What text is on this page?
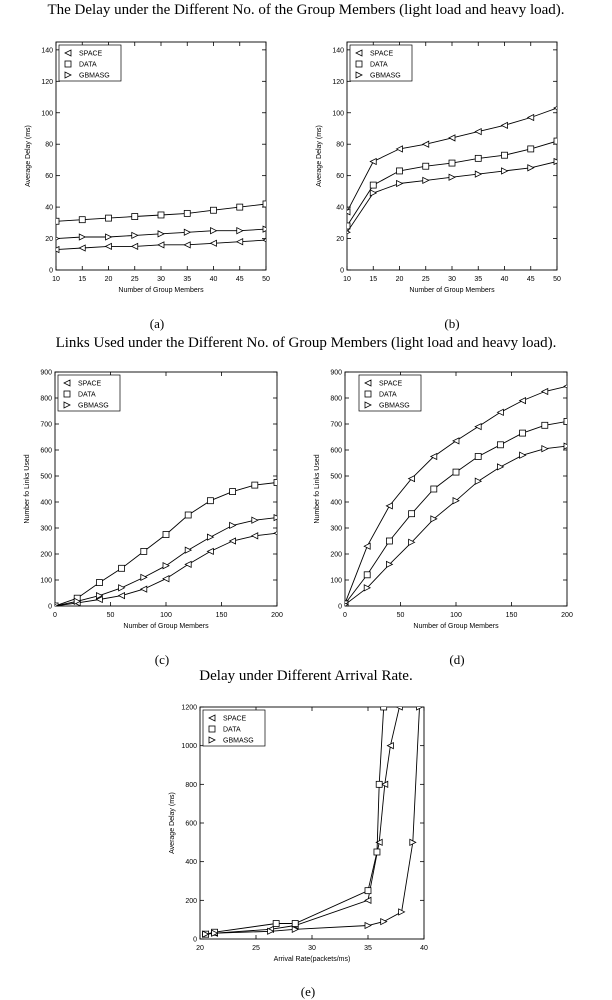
The Delay under the Different No. of the Group Members (light load and heavy load).
Links Used under the Different No. of Group Members (light load and heavy load).
Delay under Different Arrival Rate.
10	15	20	25	30	35	40	45	50
0
20
40
60
80
100
120
140
Number of Group Members
Average Delay (ms)
SPACE
DATA
GBMASG
10	15	20	25	30	35	40	45	50
0
20
40
60
80
100
120
140
Number of Group Members
Average Delay (ms)
SPACE
DATA
GBMASG
0	50	100	150	200
0
100
200
300
400
500
600
700
800
900
Number of Group Members
Number fo Links Used
SPACE
DATA
GBMASG
0	50	100	150	200
0
100
200
300
400
500
600
700
800
900
Number of Group Members
Number fo Links Used
SPACE
DATA
GBMASG
20	25	30	35	40
0
200
400
600
800
1000
1200
Arrival Rate(packets/ms)
Average Delay (ms)
SPACE
DATA
GBMASG
(a)	(b)
(c)	(d)
(e)
